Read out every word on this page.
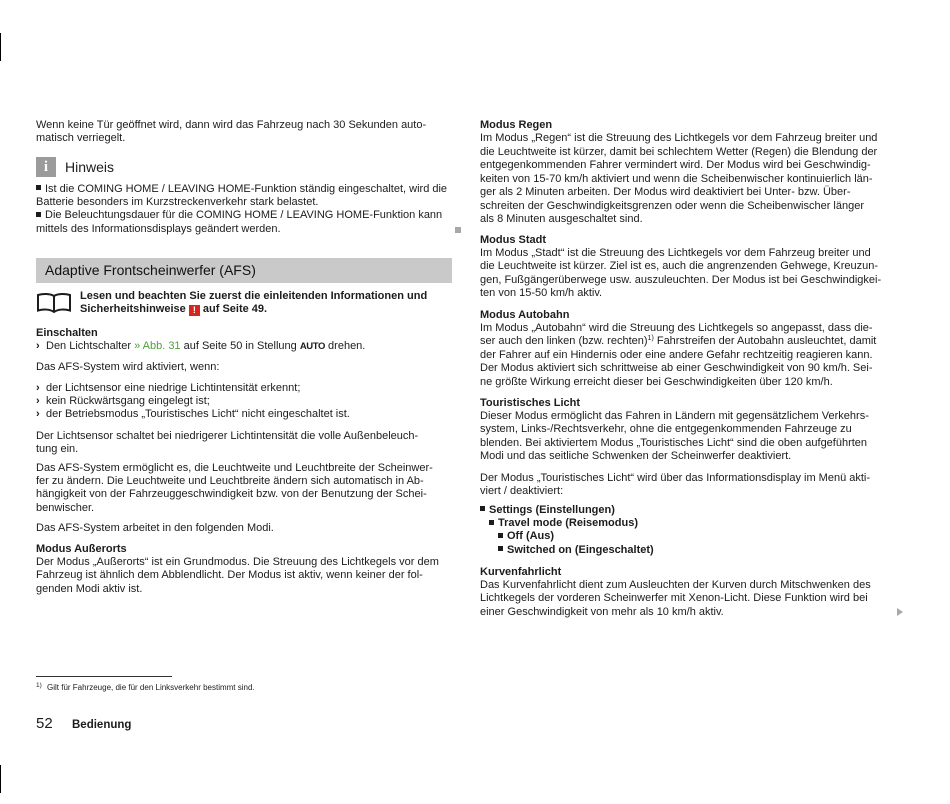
Wenn keine Tür geöffnet wird, dann wird das Fahrzeug nach 30 Sekunden auto-
matisch verriegelt.
i	Hinweis
Ist die COMING HOME / LEAVING HOME-Funktion ständig eingeschaltet, wird die
Batterie besonders im Kurzstreckenverkehr stark belastet.
Die Beleuchtungsdauer für die COMING HOME / LEAVING HOME-Funktion kann
mittels des Informationsdisplays geändert werden.
Adaptive Frontscheinwerfer (AFS)
Lesen und beachten Sie zuerst die einleitenden Informationen und
Sicherheitshinweise ! auf Seite 49.
Einschalten
› Den Lichtschalter » Abb. 31 auf Seite 50 in Stellung AUTO drehen.
Das AFS-System wird aktiviert, wenn:
› der Lichtsensor eine niedrige Lichtintensität erkennt;
› kein Rückwärtsgang eingelegt ist;
› der Betriebsmodus „Touristisches Licht“ nicht eingeschaltet ist.
Der Lichtsensor schaltet bei niedrigerer Lichtintensität die volle Außenbeleuch-
tung ein.
Das AFS-System ermöglicht es, die Leuchtweite und Leuchtbreite der Scheinwer-
fer zu ändern. Die Leuchtweite und Leuchtbreite ändern sich automatisch in Ab-
hängigkeit von der Fahrzeuggeschwindigkeit bzw. von der Benutzung der Schei-
benwischer.
Das AFS-System arbeitet in den folgenden Modi.
Modus Außerorts
Der Modus „Außerorts“ ist ein Grundmodus. Die Streuung des Lichtkegels vor dem
Fahrzeug ist ähnlich dem Abblendlicht. Der Modus ist aktiv, wenn keiner der fol-
genden Modi aktiv ist.
Modus Regen
Im Modus „Regen“ ist die Streuung des Lichtkegels vor dem Fahrzeug breiter und
die Leuchtweite ist kürzer, damit bei schlechtem Wetter (Regen) die Blendung der
entgegenkommenden Fahrer vermindert wird. Der Modus wird bei Geschwindig-
keiten von 15-70 km/h aktiviert und wenn die Scheibenwischer kontinuierlich län-
ger als 2 Minuten arbeiten. Der Modus wird deaktiviert bei Unter- bzw. Über-
schreiten der Geschwindigkeitsgrenzen oder wenn die Scheibenwischer länger
als 8 Minuten ausgeschaltet sind.
Modus Stadt
Im Modus „Stadt“ ist die Streuung des Lichtkegels vor dem Fahrzeug breiter und
die Leuchtweite ist kürzer. Ziel ist es, auch die angrenzenden Gehwege, Kreuzun-
gen, Fußgängerüberwege usw. auszuleuchten. Der Modus ist bei Geschwindigkei-
ten von 15-50 km/h aktiv.
Modus Autobahn
Im Modus „Autobahn“ wird die Streuung des Lichtkegels so angepasst, dass die-
ser auch den linken (bzw. rechten)$^{1)}$ Fahrstreifen der Autobahn ausleuchtet, damit
der Fahrer auf ein Hindernis oder eine andere Gefahr rechtzeitig reagieren kann.
Der Modus aktiviert sich schrittweise ab einer Geschwindigkeit von 90 km/h. Sei-
ne größte Wirkung erreicht dieser bei Geschwindigkeiten über 120 km/h.
Touristisches Licht
Dieser Modus ermöglicht das Fahren in Ländern mit gegensätzlichem Verkehrs-
system, Links-/Rechtsverkehr, ohne die entgegenkommenden Fahrzeuge zu
blenden. Bei aktiviertem Modus „Touristisches Licht“ sind die oben aufgeführten
Modi und das seitliche Schwenken der Scheinwerfer deaktiviert.
Der Modus „Touristisches Licht“ wird über das Informationsdisplay im Menü akti-
viert / deaktiviert:
Settings (Einstellungen)
Travel mode (Reisemodus)
Off (Aus)
Switched on (Eingeschaltet)
Kurvenfahrlicht
Das Kurvenfahrlicht dient zum Ausleuchten der Kurven durch Mitschwenken des
Lichtkegels der vorderen Scheinwerfer mit Xenon-Licht. Diese Funktion wird bei
einer Geschwindigkeit von mehr als 10 km/h aktiv.
1) Gilt für Fahrzeuge, die für den Linksverkehr bestimmt sind.
52 Bedienung
